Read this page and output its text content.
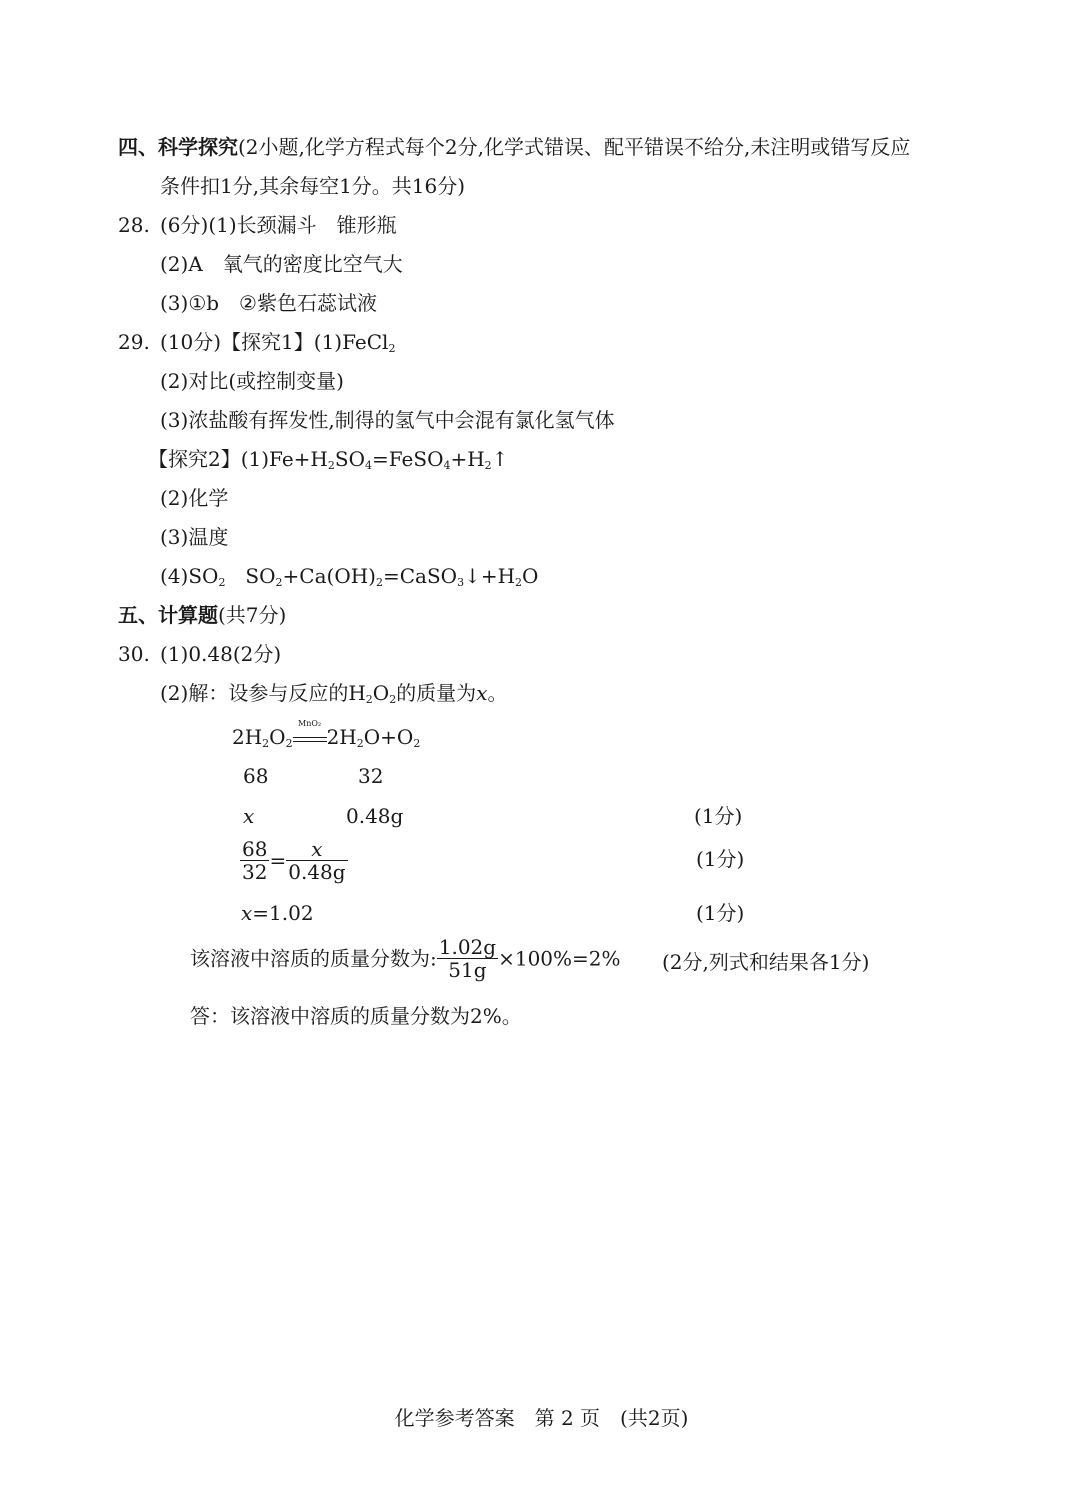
四、科学探究(2小题,化学方程式每个2分,化学式错误、配平错误不给分,未注明或错写反应
条件扣1分,其余每空1分。共16分)
28. (6分)(1)长颈漏斗　锥形瓶
(2)A　氧气的密度比空气大
(3)①b　②紫色石蕊试液
29. (10分)【探究1】(1)FeCl$_2$
(2)对比(或控制变量)
(3)浓盐酸有挥发性,制得的氢气中会混有氯化氢气体
【探究2】$(1)Fe+H_2SO_4=FeSO_4+H_2↑$
(2)化学
(3)温度
$(4)SO_2$　$SO_2+Ca(OH)_2=CaSO_3↓+H_2O$
五、计算题(共7分)
30. (1)0.48(2分)
(2)解：设参与反应的$H_2O_2$的质量为x。
$2H_2O_2$
MnO₂
$2H_2O+O_2$
68	32
x	0.48g	(1分)
$\frac{68}{32} = \frac{x}{0.48g}$	(1分)
x=1.02	(1分)
该溶液中溶质的质量分数为: $\frac{1.02g}{51g} \times 100\%=2\%$ (2分,列式和结果各1分)
答：该溶液中溶质的质量分数为2%。
化学参考答案　第 2 页　(共2页)
